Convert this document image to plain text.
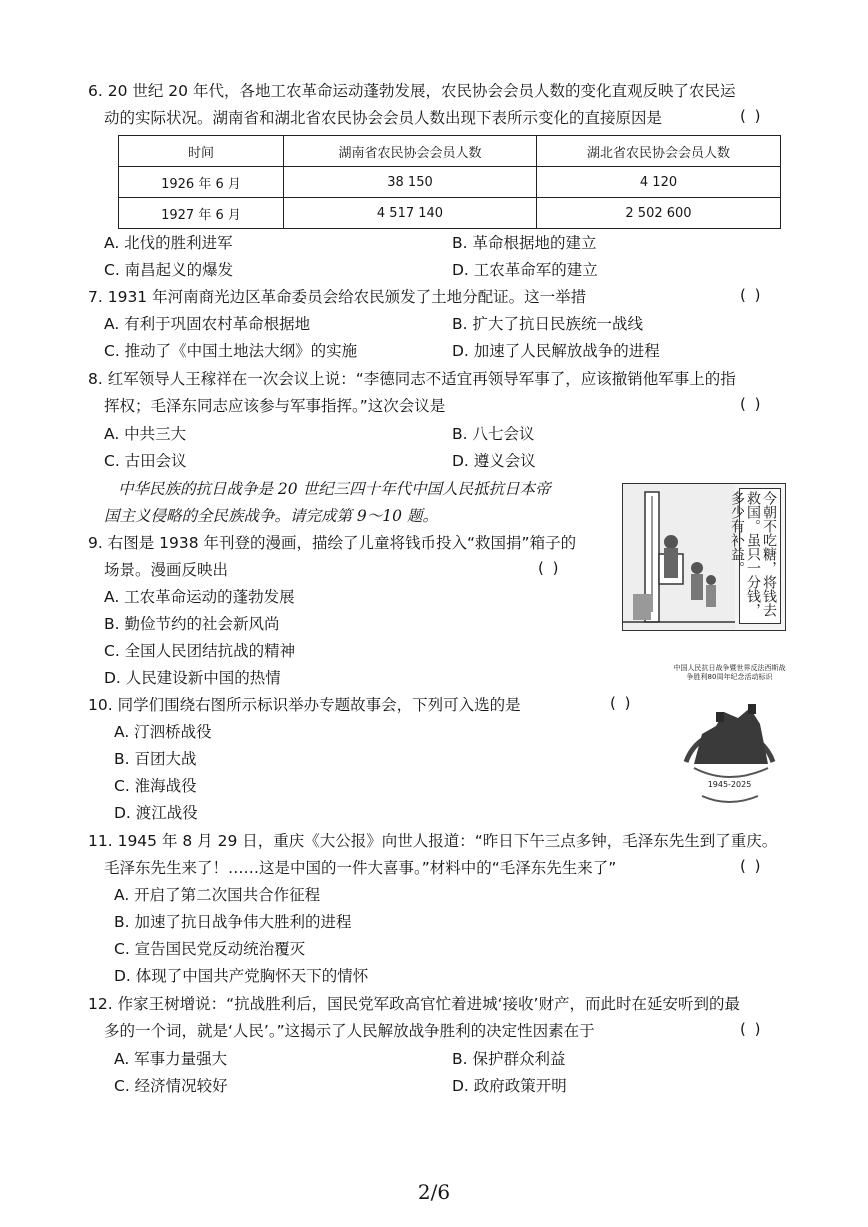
6. 20 世纪 20 年代，各地工农革命运动蓬勃发展，农民协会会员人数的变化直观反映了农民运
动的实际状况。湖南省和湖北省农民协会会员人数出现下表所示变化的直接原因是	( )
时间	湖南省农民协会会员人数	湖北省农民协会会员人数
1926 年 6 月	38 150	4 120
1927 年 6 月	4 517 140	2 502 600
A. 北伐的胜利进军	B. 革命根据地的建立
C. 南昌起义的爆发	D. 工农革命军的建立
7. 1931 年河南商光边区革命委员会给农民颁发了土地分配证。这一举措	( )
A. 有利于巩固农村革命根据地	B. 扩大了抗日民族统一战线
C. 推动了《中国土地法大纲》的实施	D. 加速了人民解放战争的进程
8. 红军领导人王稼祥在一次会议上说：“李德同志不适宜再领导军事了，应该撤销他军事上的指
挥权；毛泽东同志应该参与军事指挥。”这次会议是	( )
A. 中共三大	B. 八七会议
C. 古田会议	D. 遵义会议
中华民族的抗日战争是 20 世纪三四十年代中国人民抵抗日本帝
国主义侵略的全民族战争。请完成第 9～10 题。
9. 右图是 1938 年刊登的漫画，描绘了儿童将钱币投入“救国捐”箱子的
场景。漫画反映出	( )
A. 工农革命运动的蓬勃发展
B. 勤俭节约的社会新风尚
C. 全国人民团结抗战的精神
D. 人民建设新中国的热情
今朝不吃糖，将钱去救国。虽只一分钱，多少有补益。
10. 同学们围绕右图所示标识举办专题故事会，下列可入选的是	( )
A. 汀泗桥战役
B. 百团大战
C. 淮海战役
D. 渡江战役
中国人民抗日战争暨世界反法西斯战争胜利80周年纪念活动标识
1945-2025
11. 1945 年 8 月 29 日，重庆《大公报》向世人报道：“昨日下午三点多钟，毛泽东先生到了重庆。
毛泽东先生来了！……这是中国的一件大喜事。”材料中的“毛泽东先生来了”	( )
A. 开启了第二次国共合作征程
B. 加速了抗日战争伟大胜利的进程
C. 宣告国民党反动统治覆灭
D. 体现了中国共产党胸怀天下的情怀
12. 作家王树增说：“抗战胜利后，国民党军政高官忙着进城‘接收’财产，而此时在延安听到的最
多的一个词，就是‘人民’。”这揭示了人民解放战争胜利的决定性因素在于	( )
A. 军事力量强大	B. 保护群众利益
C. 经济情况较好	D. 政府政策开明
2/6
